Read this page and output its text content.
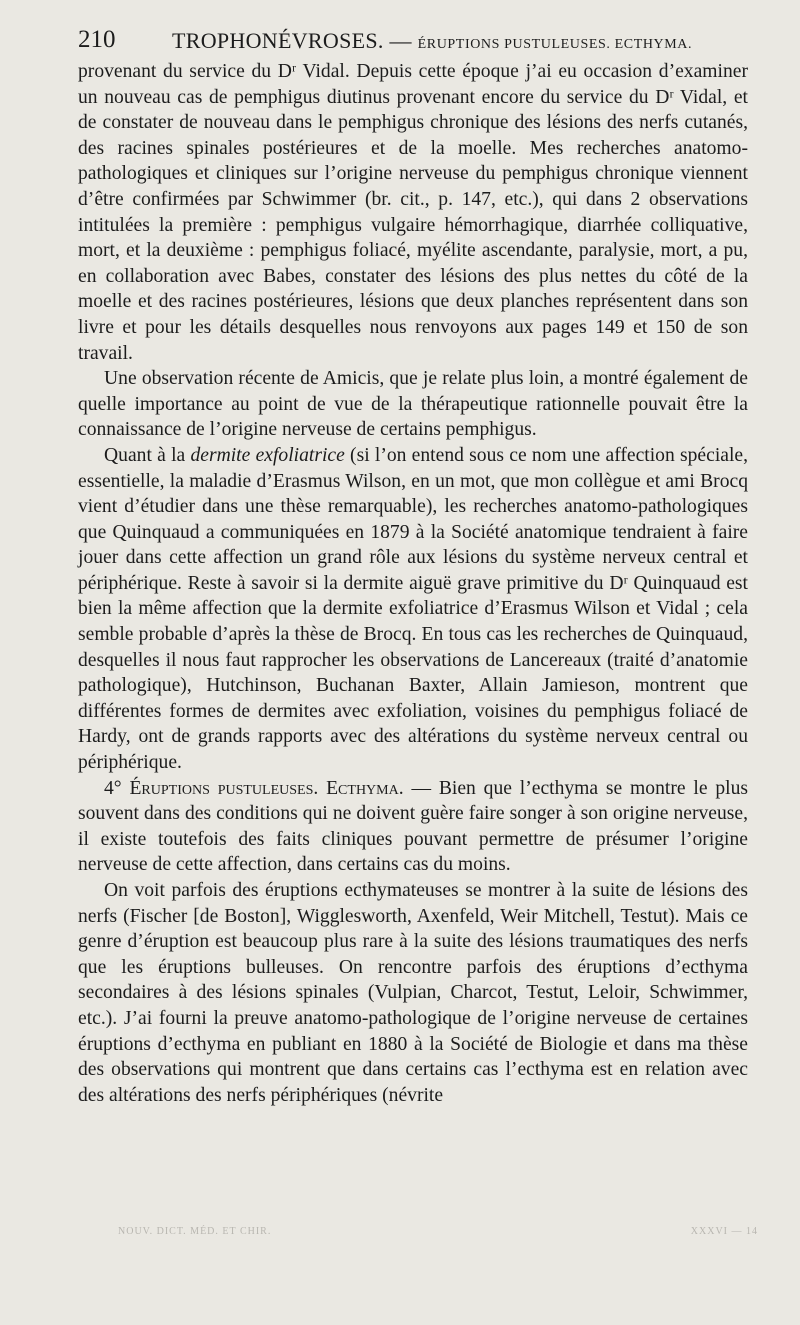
210	TROPHONÉVROSES. — ÉRUPTIONS PUSTULEUSES. ECTHYMA.

provenant du service du Dʳ Vidal. Depuis cette époque j’ai eu occasion d’examiner un nouveau cas de pemphigus diutinus provenant encore du service du Dʳ Vidal, et de constater de nouveau dans le pemphigus chronique des lésions des nerfs cutanés, des racines spinales postérieures et de la moelle. Mes recherches anatomo-pathologiques et cliniques sur l’origine nerveuse du pemphigus chronique viennent d’être confirmées par Schwimmer (br. cit., p. 147, etc.), qui dans 2 observations intitulées la première : pemphigus vulgaire hémorrhagique, diarrhée colliquative, mort, et la deuxième : pemphigus foliacé, myélite ascendante, paralysie, mort, a pu, en collaboration avec Babes, constater des lésions des plus nettes du côté de la moelle et des racines postérieures, lésions que deux planches représentent dans son livre et pour les détails desquelles nous renvoyons aux pages 149 et 150 de son travail.

Une observation récente de Amicis, que je relate plus loin, a montré également de quelle importance au point de vue de la thérapeutique rationnelle pouvait être la connaissance de l’origine nerveuse de certains pemphigus.

Quant à la dermite exfoliatrice (si l’on entend sous ce nom une affection spéciale, essentielle, la maladie d’Erasmus Wilson, en un mot, que mon collègue et ami Brocq vient d’étudier dans une thèse remarquable), les recherches anatomo-pathologiques que Quinquaud a communiquées en 1879 à la Société anatomique tendraient à faire jouer dans cette affection un grand rôle aux lésions du système nerveux central et périphérique. Reste à savoir si la dermite aiguë grave primitive du Dʳ Quinquaud est bien la même affection que la dermite exfoliatrice d’Erasmus Wilson et Vidal ; cela semble probable d’après la thèse de Brocq. En tous cas les recherches de Quinquaud, desquelles il nous faut rapprocher les observations de Lancereaux (traité d’anatomie pathologique), Hutchinson, Buchanan Baxter, Allain Jamieson, montrent que différentes formes de dermites avec exfoliation, voisines du pemphigus foliacé de Hardy, ont de grands rapports avec des altérations du système nerveux central ou périphérique.

4° Éruptions pustuleuses. Ecthyma. — Bien que l’ecthyma se montre le plus souvent dans des conditions qui ne doivent guère faire songer à son origine nerveuse, il existe toutefois des faits cliniques pouvant permettre de présumer l’origine nerveuse de cette affection, dans certains cas du moins.

On voit parfois des éruptions ecthymateuses se montrer à la suite de lésions des nerfs (Fischer [de Boston], Wigglesworth, Axenfeld, Weir Mitchell, Testut). Mais ce genre d’éruption est beaucoup plus rare à la suite des lésions traumatiques des nerfs que les éruptions bulleuses. On rencontre parfois des éruptions d’ecthyma secondaires à des lésions spinales (Vulpian, Charcot, Testut, Leloir, Schwimmer, etc.). J’ai fourni la preuve anatomo-pathologique de l’origine nerveuse de certaines éruptions d’ecthyma en publiant en 1880 à la Société de Biologie et dans ma thèse des observations qui montrent que dans certains cas l’ecthyma est en relation avec des altérations des nerfs périphériques (névrite

NOUV. DICT. MÉD. ET CHIR.	XXXVI — 14
